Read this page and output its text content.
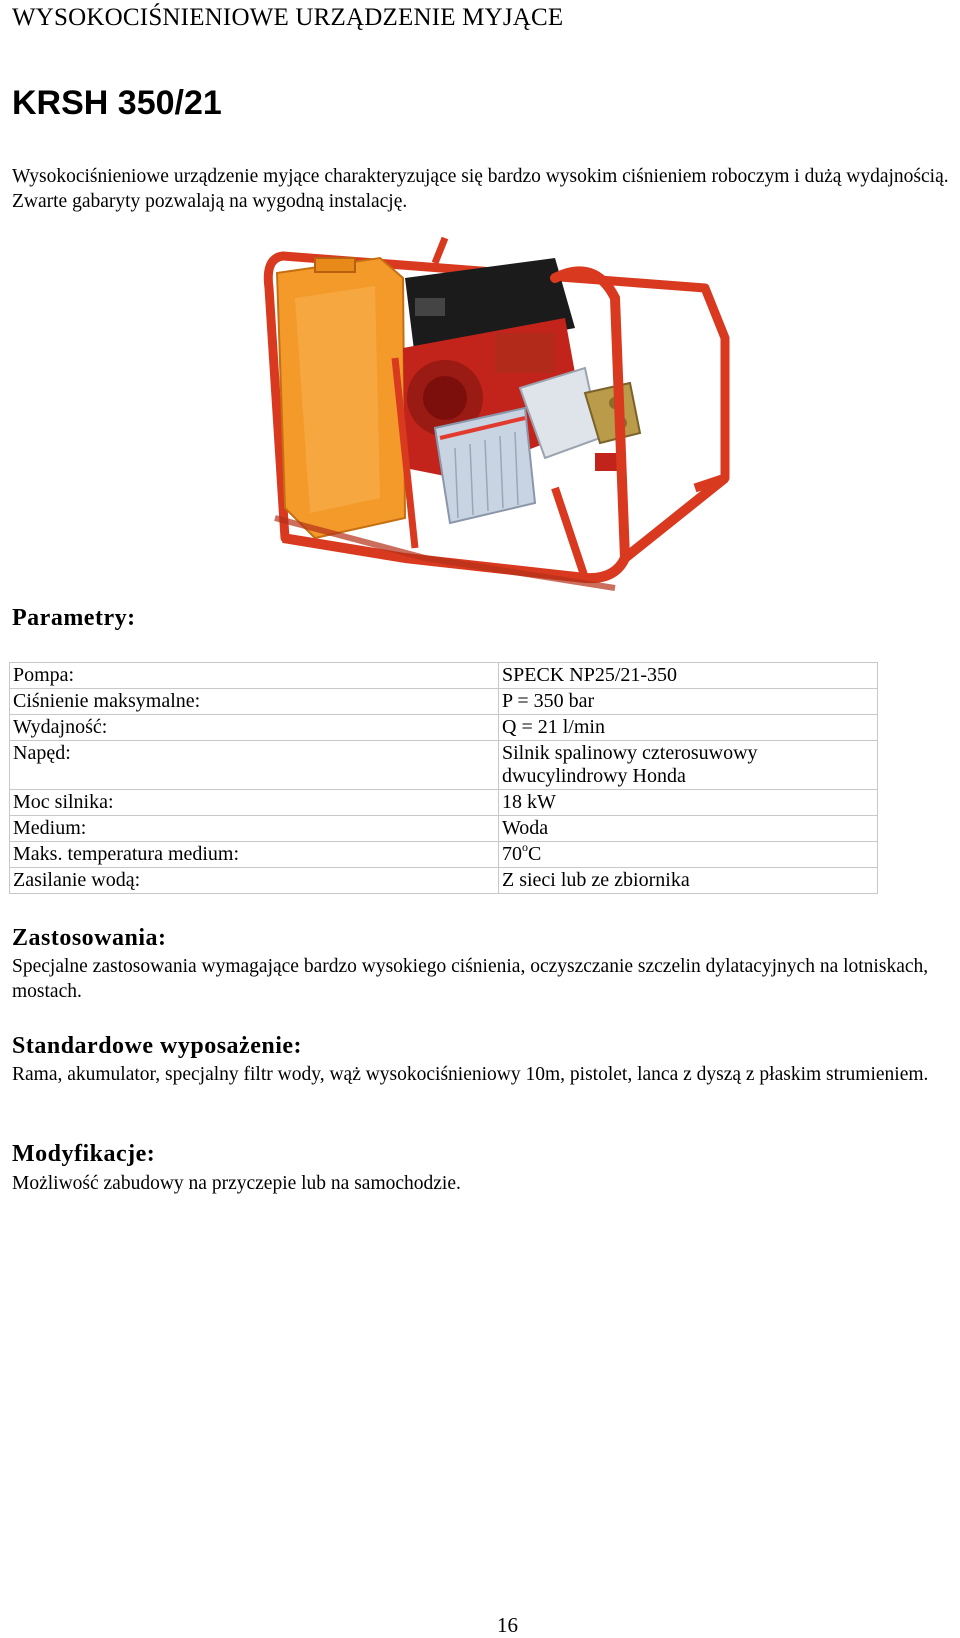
WYSOKOCIŚNIENIOWE URZĄDZENIE MYJĄCE
KRSH 350/21

Wysokociśnieniowe urządzenie myjące charakteryzujące się bardzo wysokim ciśnieniem roboczym i dużą wydajnością. Zwarte gabaryty pozwalają na wygodną instalację.

Parametry:
Pompa:	SPECK NP25/21-350
Ciśnienie maksymalne:	P = 350 bar
Wydajność:	Q = 21 l/min
Napęd:	Silnik spalinowy czterosuwowy dwucylindrowy Honda
Moc silnika:	18 kW
Medium:	Woda
Maks. temperatura medium:	70$^o$C
Zasilanie wodą:	Z sieci lub ze zbiornika
Zastosowania:

Specjalne zastosowania wymagające bardzo wysokiego ciśnienia, oczyszczanie szczelin dylatacyjnych na lotniskach, mostach.

Standardowe wyposażenie:

Rama, akumulator, specjalny filtr wody, wąż wysokociśnieniowy 10m, pistolet, lanca z dyszą z płaskim strumieniem.

Modyfikacje:

Możliwość zabudowy na przyczepie lub na samochodzie.

16
